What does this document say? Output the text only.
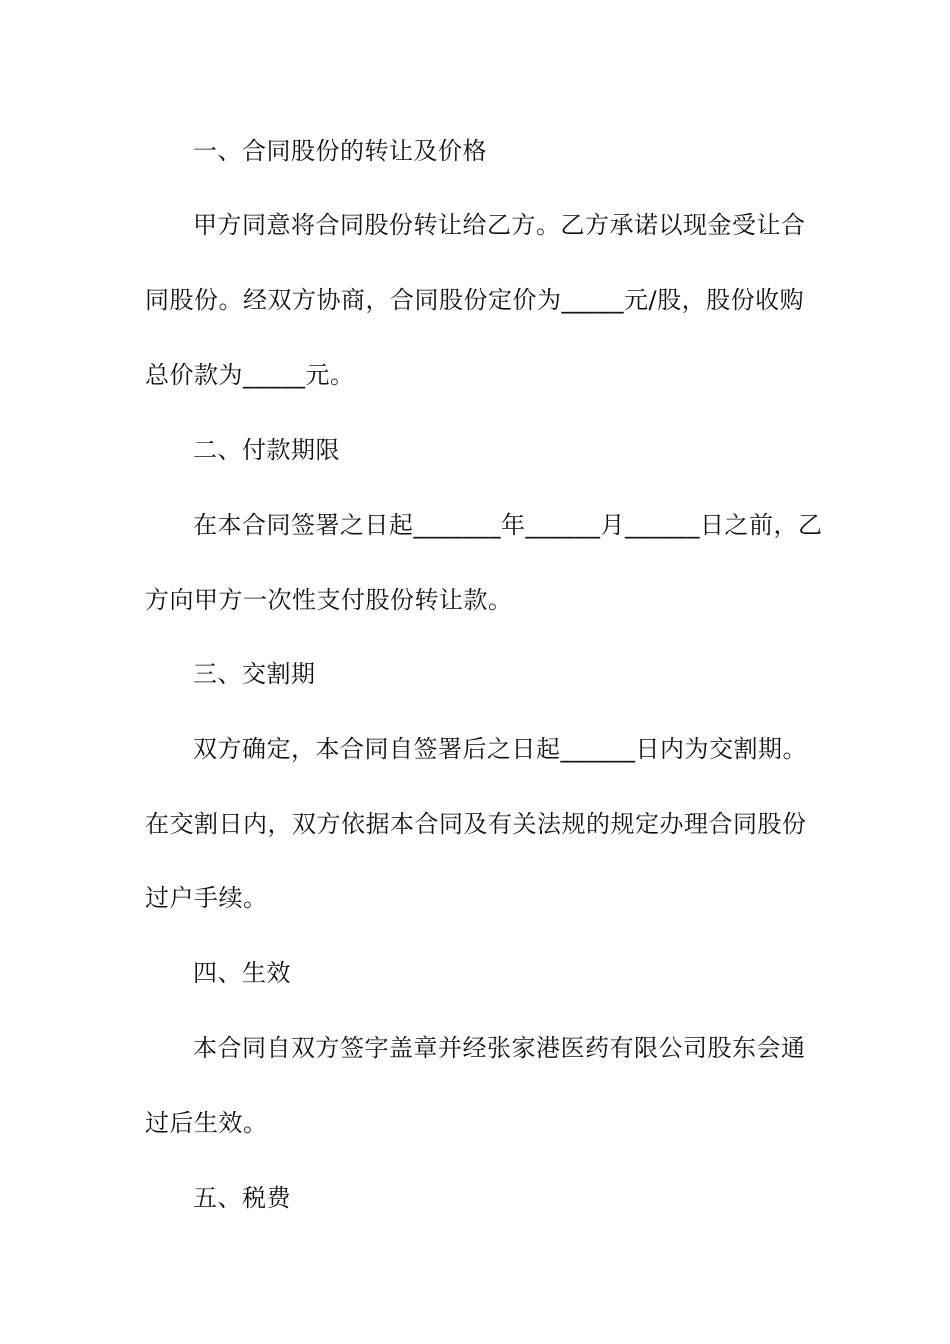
一、合同股份的转让及价格
甲方同意将合同股份转让给乙方。乙方承诺以现金受让合
同股份。经双方协商，合同股份定价为_____元/股，股份收购
总价款为_____元。
二、付款期限
在本合同签署之日起_______年______月______日之前，乙
方向甲方一次性支付股份转让款。
三、交割期
双方确定，本合同自签署后之日起______日内为交割期。
在交割日内，双方依据本合同及有关法规的规定办理合同股份
过户手续。
四、生效
本合同自双方签字盖章并经张家港医药有限公司股东会通
过后生效。
五、税费
